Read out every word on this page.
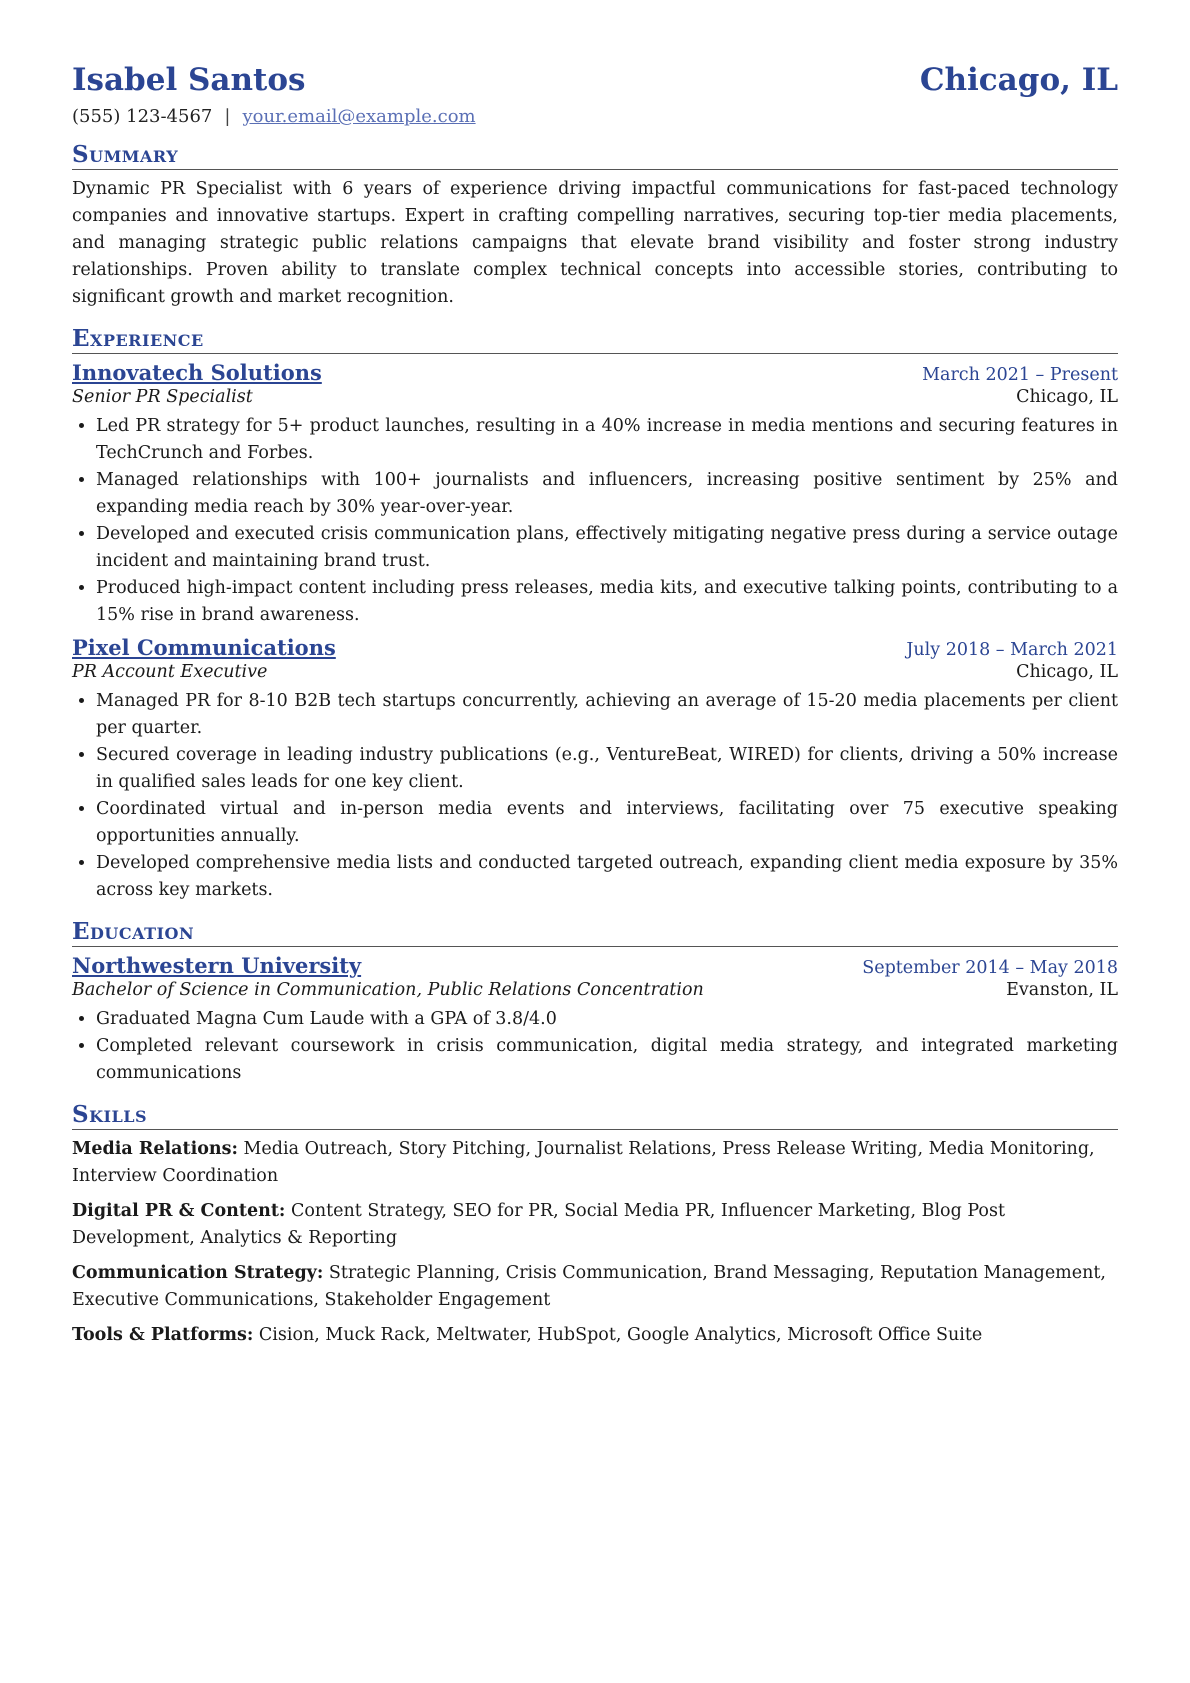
Isabel Santos	Chicago, IL
(555) 123-4567 | your.email@example.com
Summary
Dynamic PR Specialist with 6 years of experience driving impactful communications for fast-paced technology companies and innovative startups. Expert in crafting compelling narratives, securing top-tier media placements, and managing strategic public relations campaigns that elevate brand visibility and foster strong industry relationships. Proven ability to translate complex technical concepts into accessible stories, contributing to significant growth and market recognition.
Experience
Innovatech Solutions	March 2021 – Present
Senior PR Specialist	Chicago, IL
• Led PR strategy for 5+ product launches, resulting in a 40% increase in media mentions and securing features in TechCrunch and Forbes.
• Managed relationships with 100+ journalists and influencers, increasing positive sentiment by 25% and expanding media reach by 30% year-over-year.
• Developed and executed crisis communication plans, effectively mitigating negative press during a service outage incident and maintaining brand trust.
• Produced high-impact content including press releases, media kits, and executive talking points, contributing to a 15% rise in brand awareness.
Pixel Communications	July 2018 – March 2021
PR Account Executive	Chicago, IL
• Managed PR for 8-10 B2B tech startups concurrently, achieving an average of 15-20 media placements per client per quarter.
• Secured coverage in leading industry publications (e.g., VentureBeat, WIRED) for clients, driving a 50% increase in qualified sales leads for one key client.
• Coordinated virtual and in-person media events and interviews, facilitating over 75 executive speaking opportunities annually.
• Developed comprehensive media lists and conducted targeted outreach, expanding client media exposure by 35% across key markets.
Education
Northwestern University	September 2014 – May 2018
Bachelor of Science in Communication, Public Relations Concentration	Evanston, IL
• Graduated Magna Cum Laude with a GPA of 3.8/4.0
• Completed relevant coursework in crisis communication, digital media strategy, and integrated marketing communications
Skills
Media Relations: Media Outreach, Story Pitching, Journalist Relations, Press Release Writing, Media Monitoring, Interview Coordination
Digital PR & Content: Content Strategy, SEO for PR, Social Media PR, Influencer Marketing, Blog Post Development, Analytics & Reporting
Communication Strategy: Strategic Planning, Crisis Communication, Brand Messaging, Reputation Management, Executive Communications, Stakeholder Engagement
Tools & Platforms: Cision, Muck Rack, Meltwater, HubSpot, Google Analytics, Microsoft Office Suite
